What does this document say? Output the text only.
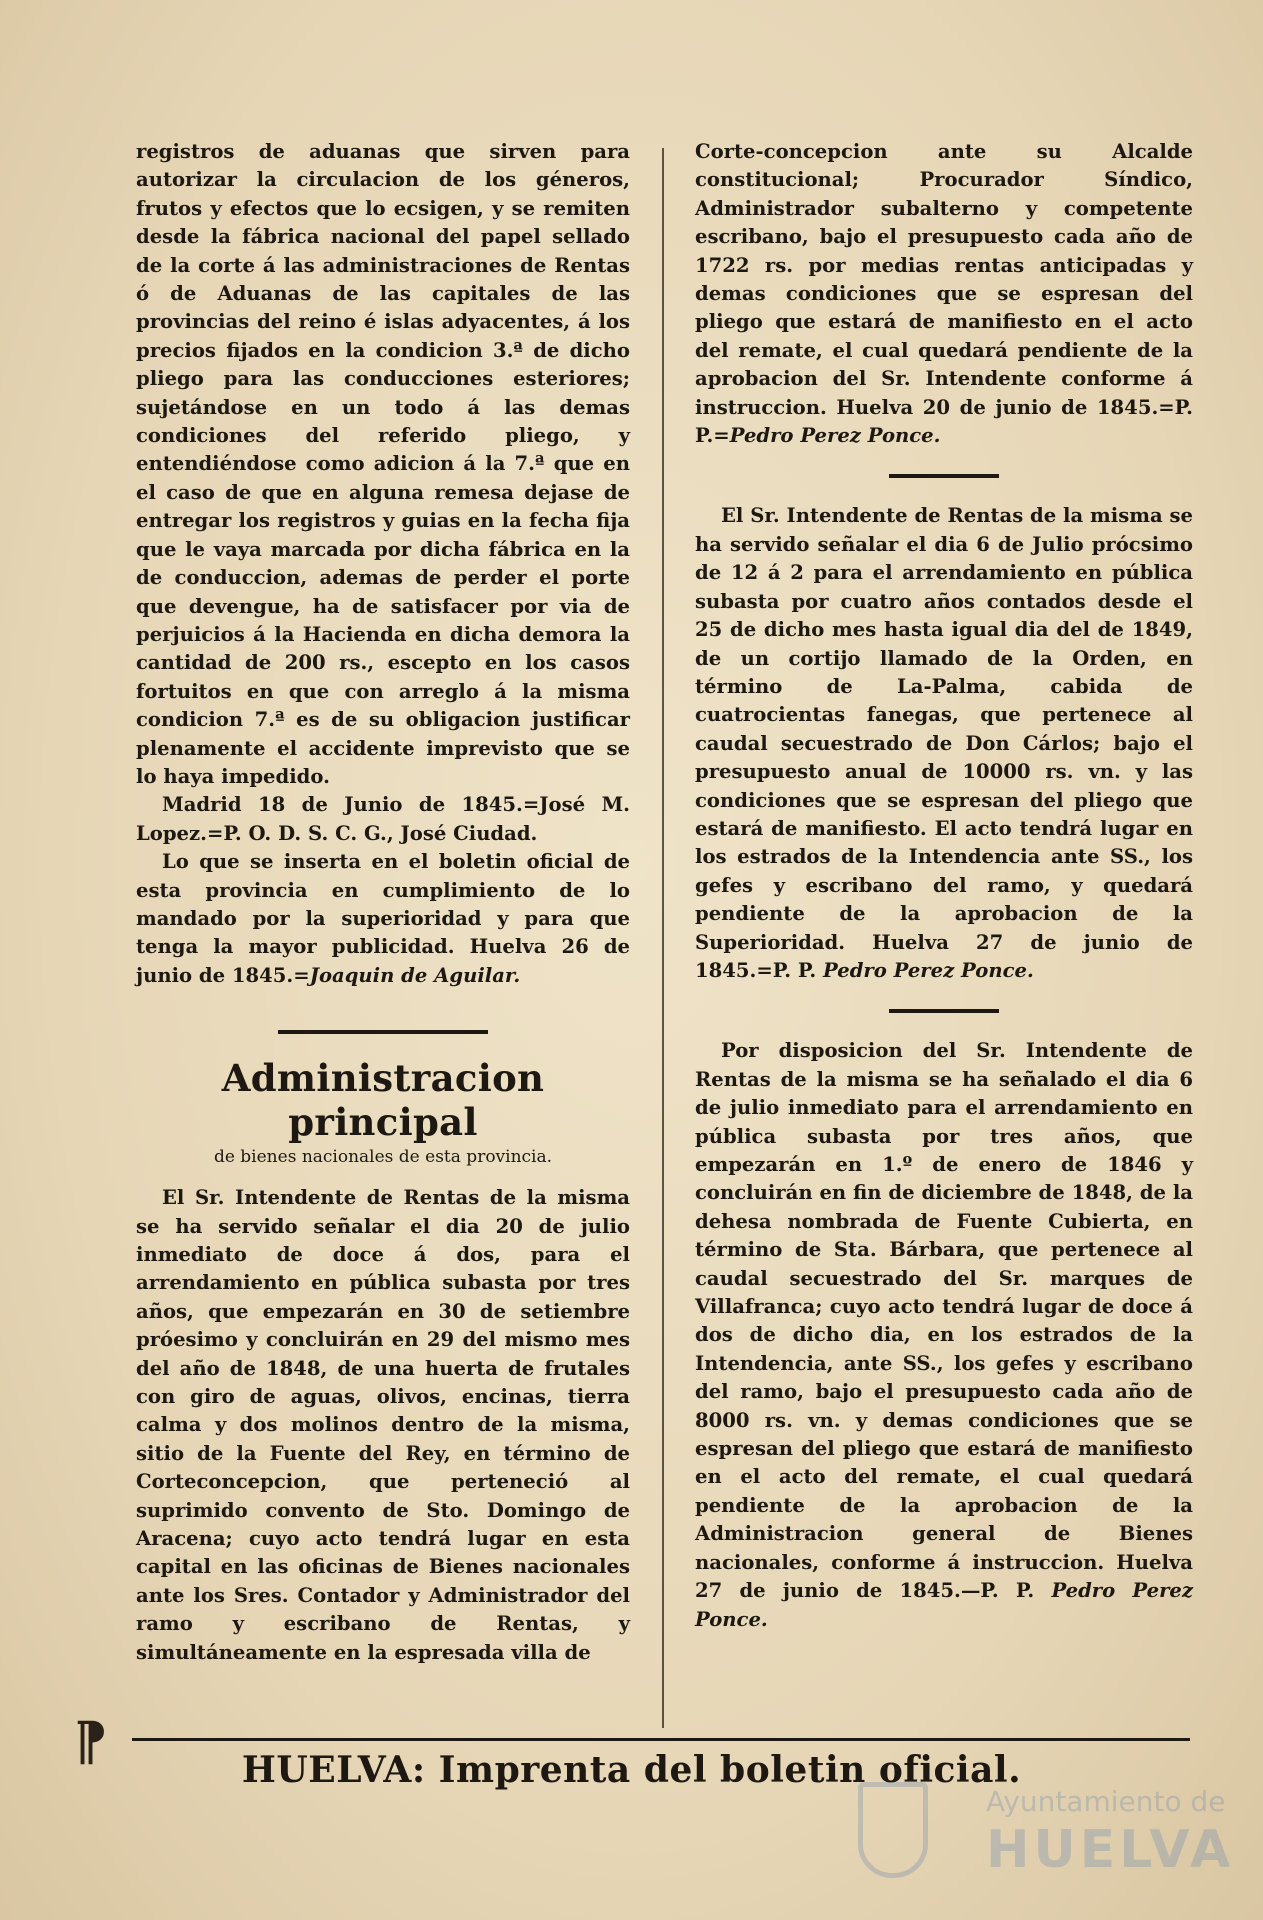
registros de aduanas que sirven para autorizar la circulacion de los géneros, frutos y efectos que lo ecsigen, y se remiten desde la fábrica nacional del papel sellado de la corte á las administraciones de Rentas ó de Aduanas de las capitales de las provincias del reino é islas adyacentes, á los precios fijados en la condicion 3.ª de dicho pliego para las conducciones esteriores; sujetándose en un todo á las demas condiciones del referido pliego, y entendiéndose como adicion á la 7.ª que en el caso de que en alguna remesa dejase de entregar los registros y guias en la fecha fija que le vaya marcada por dicha fábrica en la de conduccion, ademas de perder el porte que devengue, ha de satisfacer por via de perjuicios á la Hacienda en dicha demora la cantidad de 200 rs., escepto en los casos fortuitos en que con arreglo á la misma condicion 7.ª es de su obligacion justificar plenamente el accidente imprevisto que se lo haya impedido.

Madrid 18 de Junio de 1845.=José M. Lopez.=P. O. D. S. C. G., José Ciudad.

Lo que se inserta en el boletin oficial de esta provincia en cumplimiento de lo mandado por la superioridad y para que tenga la mayor publicidad. Huelva 26 de junio de 1845.=Joaquin de Aguilar.

Administracion principal
de bienes nacionales de esta provincia.

El Sr. Intendente de Rentas de la misma se ha servido señalar el dia 20 de julio inmediato de doce á dos, para el arrendamiento en pública subasta por tres años, que empezarán en 30 de setiembre próesimo y concluirán en 29 del mismo mes del año de 1848, de una huerta de frutales con giro de aguas, olivos, encinas, tierra calma y dos molinos dentro de la misma, sitio de la Fuente del Rey, en término de Corteconcepcion, que perteneció al suprimido convento de Sto. Domingo de Aracena; cuyo acto tendrá lugar en esta capital en las oficinas de Bienes nacionales ante los Sres. Contador y Administrador del ramo y escribano de Rentas, y simultáneamente en la espresada villa de

Corte-concepcion ante su Alcalde constitucional; Procurador Síndico, Administrador subalterno y competente escribano, bajo el presupuesto cada año de 1722 rs. por medias rentas anticipadas y demas condiciones que se espresan del pliego que estará de manifiesto en el acto del remate, el cual quedará pendiente de la aprobacion del Sr. Intendente conforme á instruccion. Huelva 20 de junio de 1845.=P. P.=Pedro Perez Ponce.

El Sr. Intendente de Rentas de la misma se ha servido señalar el dia 6 de Julio prócsimo de 12 á 2 para el arrendamiento en pública subasta por cuatro años contados desde el 25 de dicho mes hasta igual dia del de 1849, de un cortijo llamado de la Orden, en término de La-Palma, cabida de cuatrocientas fanegas, que pertenece al caudal secuestrado de Don Cárlos; bajo el presupuesto anual de 10000 rs. vn. y las condiciones que se espresan del pliego que estará de manifiesto. El acto tendrá lugar en los estrados de la Intendencia ante SS., los gefes y escribano del ramo, y quedará pendiente de la aprobacion de la Superioridad. Huelva 27 de junio de 1845.=P. P. Pedro Perez Ponce.

Por disposicion del Sr. Intendente de Rentas de la misma se ha señalado el dia 6 de julio inmediato para el arrendamiento en pública subasta por tres años, que empezarán en 1.º de enero de 1846 y concluirán en fin de diciembre de 1848, de la dehesa nombrada de Fuente Cubierta, en término de Sta. Bárbara, que pertenece al caudal secuestrado del Sr. marques de Villafranca; cuyo acto tendrá lugar de doce á dos de dicho dia, en los estrados de la Intendencia, ante SS., los gefes y escribano del ramo, bajo el presupuesto cada año de 8000 rs. vn. y demas condiciones que se espresan del pliego que estará de manifiesto en el acto del remate, el cual quedará pendiente de la aprobacion de la Administracion general de Bienes nacionales, conforme á instruccion. Huelva 27 de junio de 1845.—P. P. Pedro Perez Ponce.

⁋	HUELVA: Imprenta del boletin oficial.
Ayuntamiento de
HUELVA
